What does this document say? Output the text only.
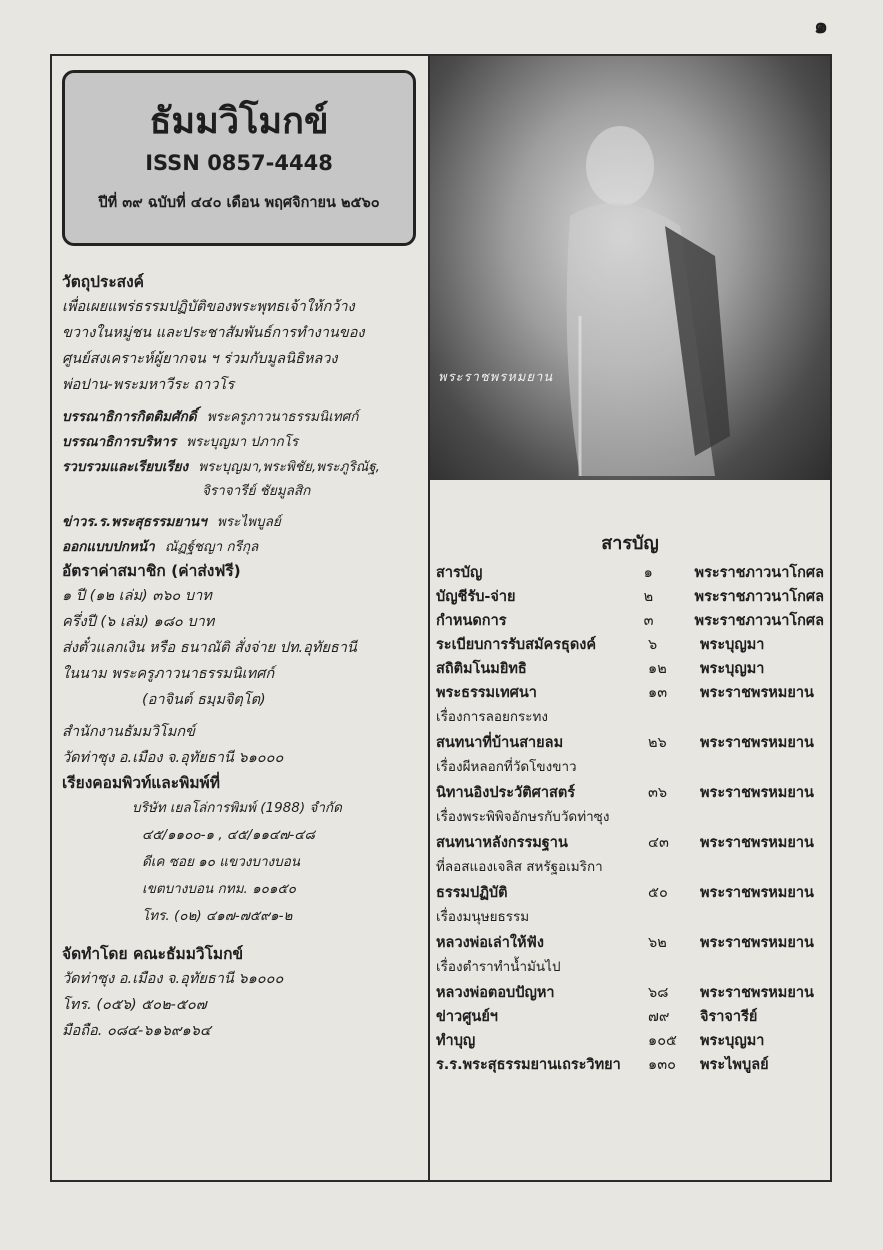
๑
ธัมมวิโมกข์
ISSN 0857-4448
ปีที่ ๓๙ ฉบับที่ ๔๔๐ เดือน พฤศจิกายน ๒๕๖๐
วัตถุประสงค์
เพื่อเผยแพร่ธรรมปฏิบัติของพระพุทธเจ้าให้กว้าง
ขวางในหมู่ชน และประชาสัมพันธ์การทำงานของ
ศูนย์สงเคราะห์ผู้ยากจน ฯ ร่วมกับมูลนิธิหลวง
พ่อปาน-พระมหาวีระ ถาวโร
บรรณาธิการกิตติมศักดิ์ พระครูภาวนาธรรมนิเทศก์
บรรณาธิการบริหาร พระบุญมา ปภากโร
รวบรวมและเรียบเรียง พระบุญมา,พระพิชัย,พระภูริณัฐ,
จิราจารีย์ ชัยมูลสิก
ข่าวร.ร.พระสุธรรมยานฯ พระไพบูลย์
ออกแบบปกหน้า ณัฏฐ์ชญา กรีกุล
อัตราค่าสมาชิก (ค่าส่งฟรี)
๑ ปี (๑๒ เล่ม) ๓๖๐ บาท
ครึ่งปี (๖ เล่ม) ๑๘๐ บาท
ส่งตั๋วแลกเงิน หรือ ธนาณัติ สั่งจ่าย ปท.อุทัยธานี
ในนาม พระครูภาวนาธรรมนิเทศก์
(อาจินต์ ธมฺมจิตฺโต)
สำนักงานธัมมวิโมกข์
วัดท่าซุง อ.เมือง จ.อุทัยธานี ๖๑๐๐๐
เรียงคอมพิวท์และพิมพ์ที่
บริษัท เยลโล่การพิมพ์ (1988) จำกัด
๔๕/๑๑๐๐-๑ , ๔๕/๑๑๔๗-๔๘
ดีเค ซอย ๑๐ แขวงบางบอน
เขตบางบอน กทม. ๑๐๑๕๐
โทร. (๐๒) ๔๑๗-๗๕๙๑-๒
จัดทำโดย คณะธัมมวิโมกข์
วัดท่าซุง อ.เมือง จ.อุทัยธานี ๖๑๐๐๐
โทร. (๐๕๖) ๕๐๒-๕๐๗
มือถือ. ๐๘๔-๖๑๖๙๑๖๔
พระราชพรหมยาน
สารบัญ
สารบัญ	๑	พระราชภาวนาโกศล
บัญชีรับ-จ่าย	๒	พระราชภาวนาโกศล
กำหนดการ	๓	พระราชภาวนาโกศล
ระเบียบการรับสมัครธุดงค์	๖	พระบุญมา
สถิติมโนมยิทธิ	๑๒	พระบุญมา
พระธรรมเทศนา	๑๓	พระราชพรหมยาน
เรื่องการลอยกระทง
สนทนาที่บ้านสายลม	๒๖	พระราชพรหมยาน
เรื่องผีหลอกที่วัดโขงขาว
นิทานอิงประวัติศาสตร์	๓๖	พระราชพรหมยาน
เรื่องพระพิพิจอักษรกับวัดท่าซุง
สนทนาหลังกรรมฐาน	๔๓	พระราชพรหมยาน
ที่ลอสแองเจลิส สหรัฐอเมริกา
ธรรมปฏิบัติ	๕๐	พระราชพรหมยาน
เรื่องมนุษยธรรม
หลวงพ่อเล่าให้ฟัง	๖๒	พระราชพรหมยาน
เรื่องตำราทำน้ำมันไป
หลวงพ่อตอบปัญหา	๖๘	พระราชพรหมยาน
ข่าวศูนย์ฯ	๗๙	จิราจารีย์
ทำบุญ	๑๐๕	พระบุญมา
ร.ร.พระสุธรรมยานเถระวิทยา	๑๓๐	พระไพบูลย์
